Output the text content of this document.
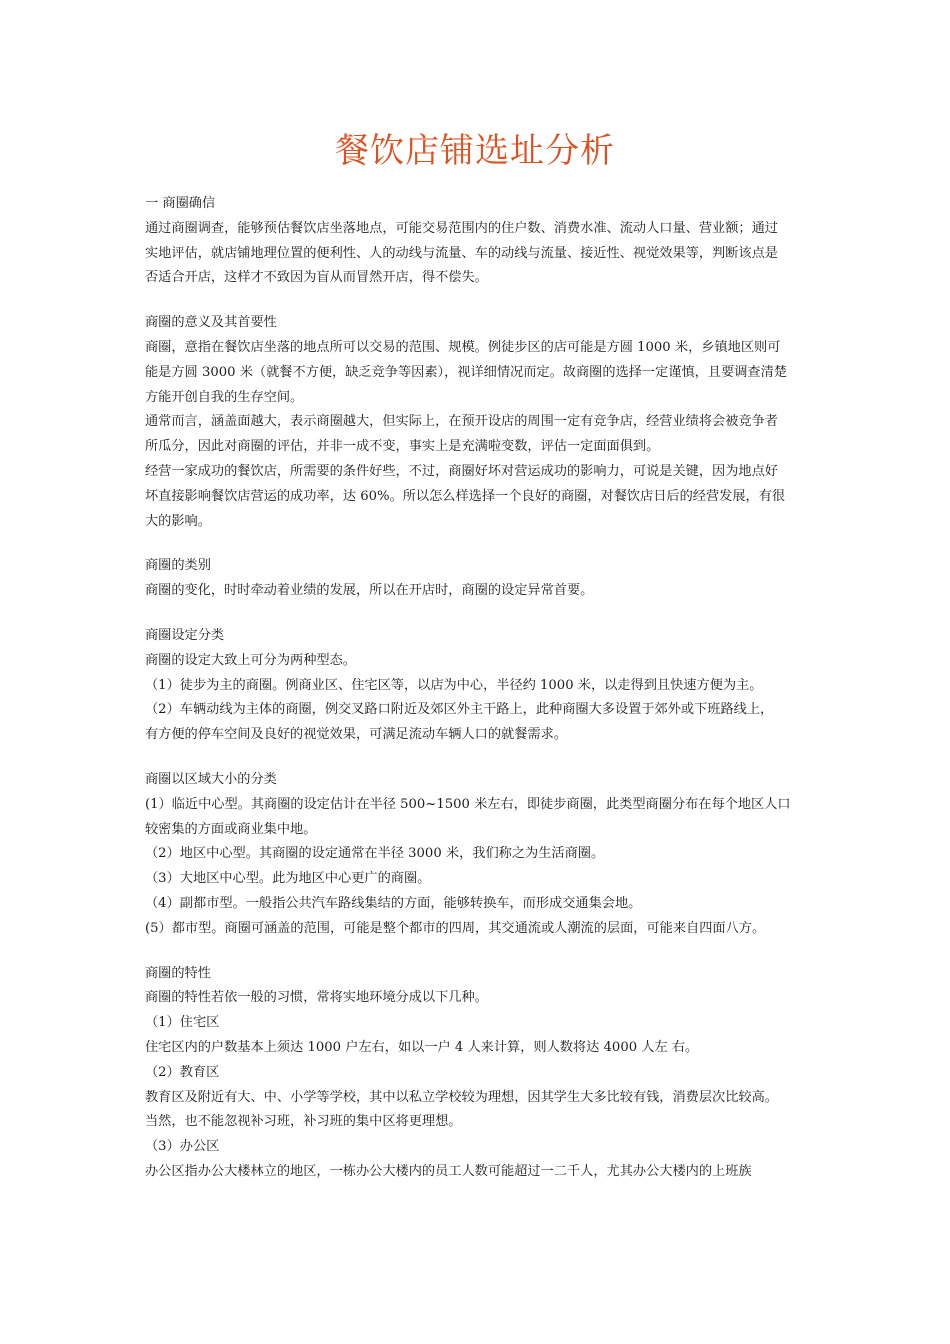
餐饮店铺选址分析
一 商圈确信
通过商圈调查，能够预估餐饮店坐落地点，可能交易范围内的住户数、消费水准、流动人口量、营业额；通过
实地评估，就店铺地理位置的便利性、人的动线与流量、车的动线与流量、接近性、视觉效果等，判断该点是
否适合开店，这样才不致因为盲从而冒然开店，得不偿失。
商圈的意义及其首要性
商圈，意指在餐饮店坐落的地点所可以交易的范围、规模。例徒步区的店可能是方圆 1000 米，乡镇地区则可
能是方圆 3000 米（就餐不方便，缺乏竞争等因素），视详细情况而定。故商圈的选择一定谨慎，且要调查清楚
方能开创自我的生存空间。
通常而言，涵盖面越大，表示商圈越大，但实际上，在预开设店的周围一定有竞争店，经营业绩将会被竞争者
所瓜分，因此对商圈的评估，并非一成不变，事实上是充满啦变数，评估一定面面俱到。
经营一家成功的餐饮店，所需要的条件好些，不过，商圈好坏对营运成功的影响力，可说是关键，因为地点好
坏直接影响餐饮店营运的成功率，达 60%。所以怎么样选择一个良好的商圈，对餐饮店日后的经营发展，有很
大的影响。
商圈的类别
商圈的变化，时时牵动着业绩的发展，所以在开店时，商圈的设定异常首要。
商圈设定分类
商圈的设定大致上可分为两种型态。
（1）徒步为主的商圈。例商业区、住宅区等，以店为中心，半径约 1000 米，以走得到且快速方便为主。
（2）车辆动线为主体的商圈，例交叉路口附近及郊区外主干路上，此种商圈大多设置于郊外或下班路线上，
有方便的停车空间及良好的视觉效果，可满足流动车辆人口的就餐需求。
商圈以区域大小的分类
(1）临近中心型。其商圈的设定估计在半径 500~1500 米左右，即徒步商圈，此类型商圈分布在每个地区人口
较密集的方面或商业集中地。
（2）地区中心型。其商圈的设定通常在半径 3000 米，我们称之为生活商圈。
（3）大地区中心型。此为地区中心更广的商圈。
（4）副都市型。一般指公共汽车路线集结的方面，能够转换车，而形成交通集会地。
(5）都市型。商圈可涵盖的范围，可能是整个都市的四周，其交通流或人潮流的层面，可能来自四面八方。
商圈的特性
商圈的特性若依一般的习惯，常将实地环境分成以下几种。
（1）住宅区
住宅区内的户数基本上须达 1000 户左右，如以一户 4 人来计算，则人数将达 4000 人左 右。
（2）教育区
教育区及附近有大、中、小学等学校，其中以私立学校较为理想，因其学生大多比较有钱，消费层次比较高。
当然，也不能忽视补习班，补习班的集中区将更理想。
（3）办公区
办公区指办公大楼林立的地区，一栋办公大楼内的员工人数可能超过一二千人，尤其办公大楼内的上班族
